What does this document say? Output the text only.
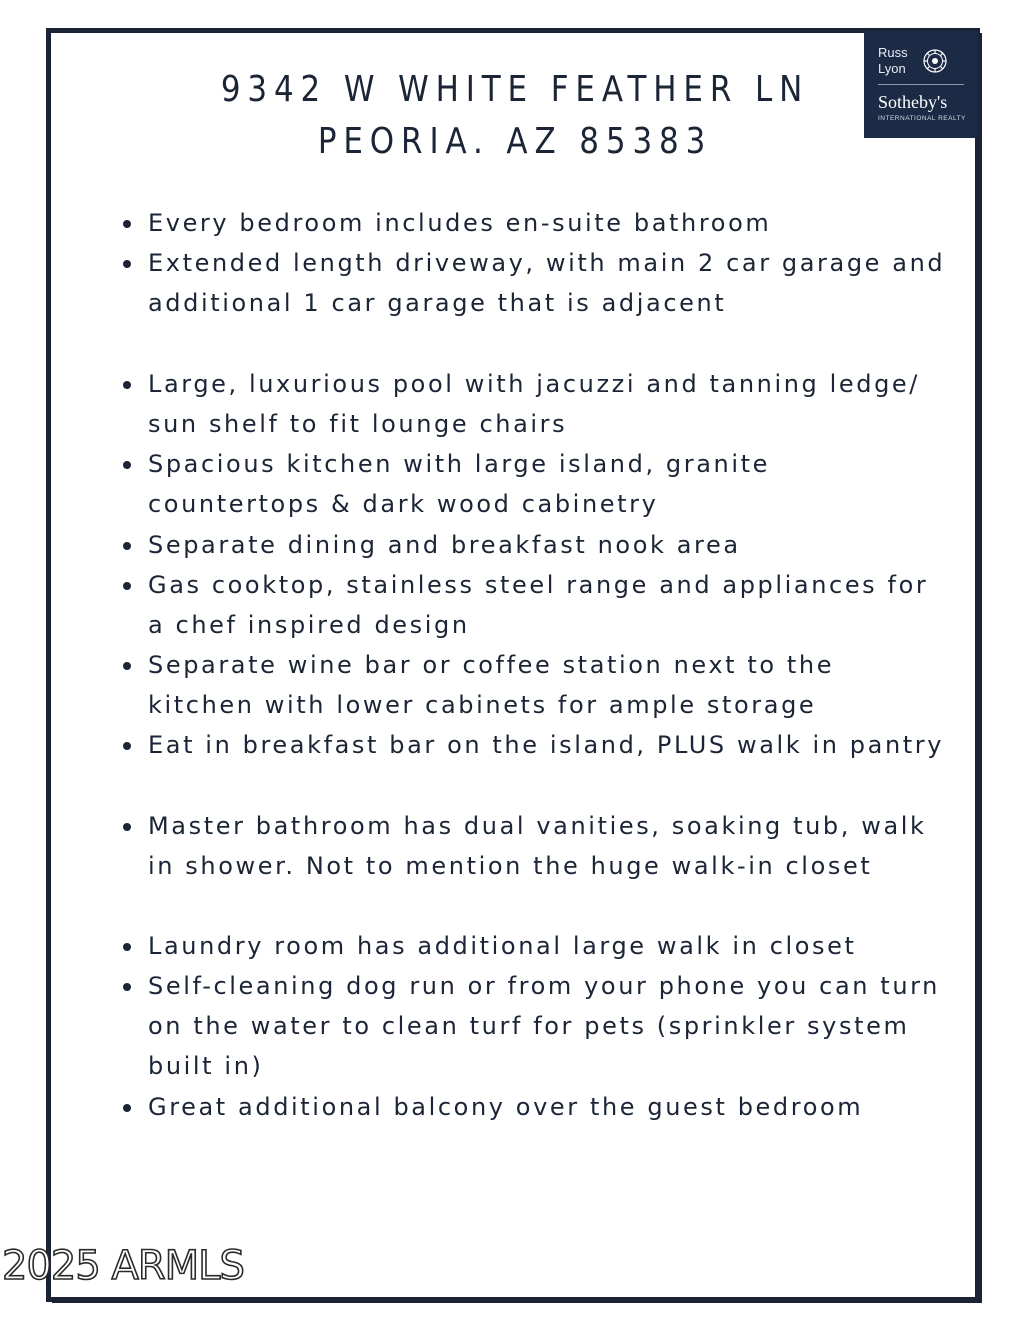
9342 W WHITE FEATHER LN
PEORIA. AZ 85383
Russ
Lyon
Sotheby's
INTERNATIONAL REALTY
Every bedroom includes en-suite bathroom
Extended length driveway, with main 2 car garage and additional 1 car garage that is adjacent
Large, luxurious pool with jacuzzi and tanning ledge/ sun shelf to fit lounge chairs
Spacious kitchen with large island, granite countertops & dark wood cabinetry
Separate dining and breakfast nook area
Gas cooktop, stainless steel range and appliances for a chef inspired design
Separate wine bar or coffee station next to the kitchen with lower cabinets for ample storage
Eat in breakfast bar on the island, PLUS walk in pantry
Master bathroom has dual vanities, soaking tub, walk in shower. Not to mention the huge walk-in closet
Laundry room has additional large walk in closet
Self-cleaning dog run or from your phone you can turn on the water to clean turf for pets (sprinkler system built in)
Great additional balcony over the guest bedroom
2025 ARMLS
